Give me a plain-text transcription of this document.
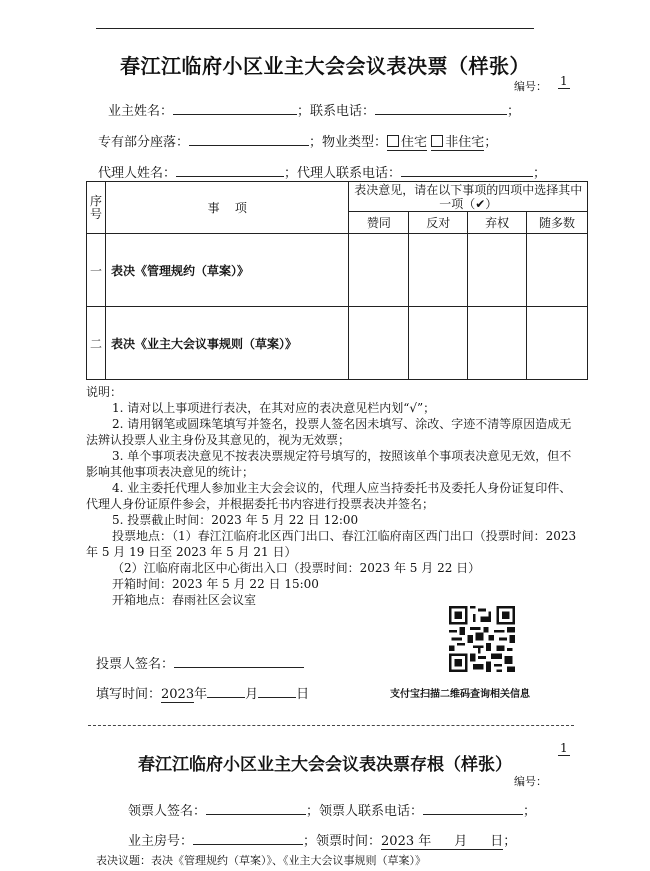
春江江临府小区业主大会会议表决票（样张）
编号： 1
业主姓名：	；联系电话：	；
专有部分座落：	；物业类型： 住宅 非住宅；
代理人姓名：	；代理人联系电话：	；
序号	事    项	表决意见，请在以下事项的四项中选择其中一项（✔）			
		赞同	反对	弃权	随多数
一	表决《管理规约（草案）》				
二	表决《业主大会议事规则（草案）》				

说明：

1. 请对以上事项进行表决，在其对应的表决意见栏内划“√”；

2. 请用钢笔或圆珠笔填写并签名，投票人签名因未填写、涂改、字迹不清等原因造成无法辨认投票人业主身份及其意见的，视为无效票；

3. 单个事项表决意见不按表决票规定符号填写的，按照该单个事项表决意见无效，但不影响其他事项表决意见的统计；

4. 业主委托代理人参加业主大会会议的，代理人应当持委托书及委托人身份证复印件、代理人身份证原件参会，并根据委托书内容进行投票表决并签名；

5. 投票截止时间：2023 年 5 月 22 日 12:00

投票地点：（1）春江江临府北区西门出口、春江江临府南区西门出口（投票时间：2023 年 5 月 19 日至 2023 年 5 月 21 日）

（2）江临府南北区中心街出入口（投票时间：2023 年 5 月 22 日）

开箱时间：2023 年 5 月 22 日 15:00

开箱地点：春雨社区会议室

投票人签名：
填写时间：2023年	月	日	支付宝扫描二维码查询相关信息
1
春江江临府小区业主大会会议表决票存根（样张）
编号：
领票人签名：	；领票人联系电话：	；
业主房号：	；领票时间：2023 年 月 日；
表决议题：表决《管理规约（草案）》、《业主大会议事规则（草案）》
